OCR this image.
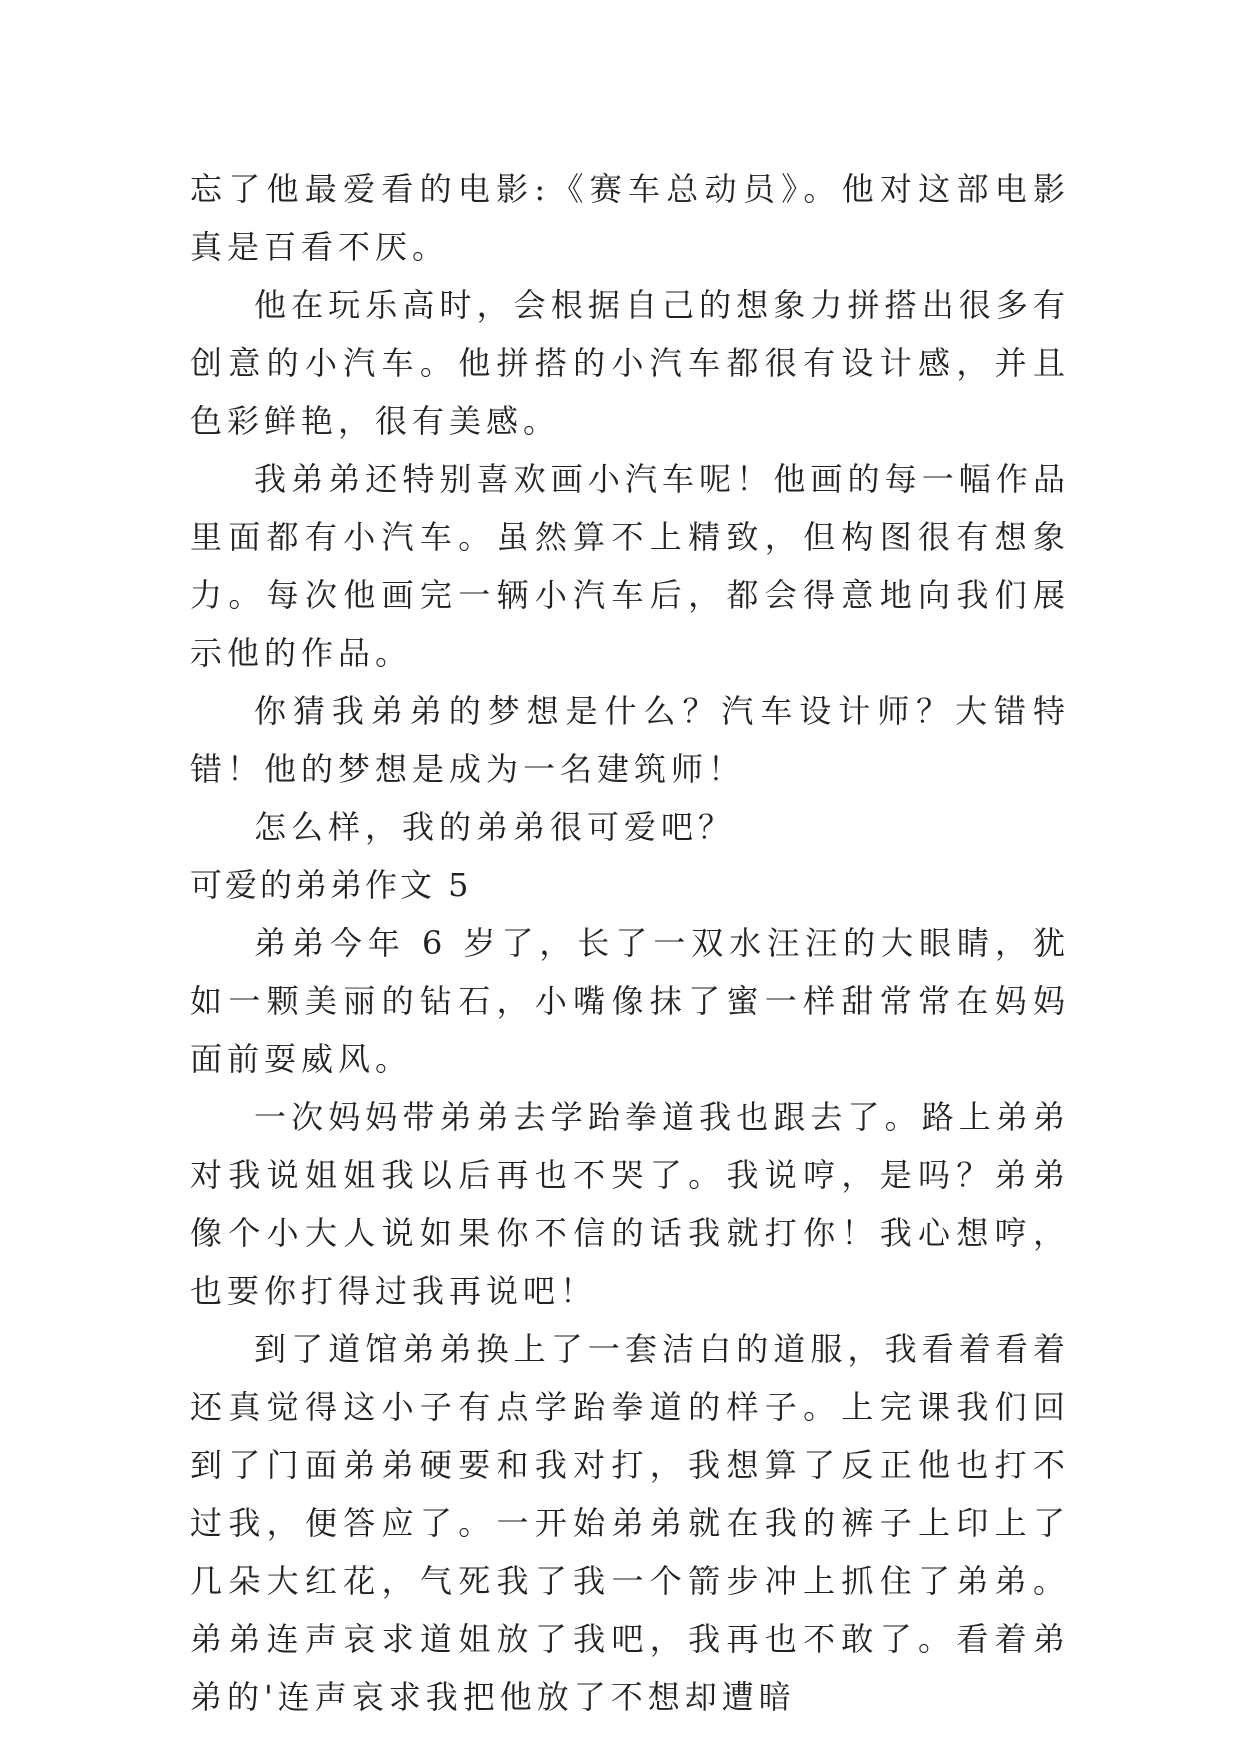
忘了他最爱看的电影:《赛车总动员》。他对这部电影真是百看不厌。

他在玩乐高时，会根据自己的想象力拼搭出很多有创意的小汽车。他拼搭的小汽车都很有设计感，并且色彩鲜艳，很有美感。

我弟弟还特别喜欢画小汽车呢！他画的每一幅作品里面都有小汽车。虽然算不上精致，但构图很有想象力。每次他画完一辆小汽车后，都会得意地向我们展示他的作品。

你猜我弟弟的梦想是什么？汽车设计师？大错特错！他的梦想是成为一名建筑师！

怎么样，我的弟弟很可爱吧？

可爱的弟弟作文 5

弟弟今年 6 岁了，长了一双水汪汪的大眼睛，犹如一颗美丽的钻石，小嘴像抹了蜜一样甜常常在妈妈面前耍威风。

一次妈妈带弟弟去学跆拳道我也跟去了。路上弟弟对我说姐姐我以后再也不哭了。我说哼，是吗？弟弟像个小大人说如果你不信的话我就打你！我心想哼，也要你打得过我再说吧！

到了道馆弟弟换上了一套洁白的道服，我看着看着还真觉得这小子有点学跆拳道的样子。上完课我们回到了门面弟弟硬要和我对打，我想算了反正他也打不过我，便答应了。一开始弟弟就在我的裤子上印上了几朵大红花，气死我了我一个箭步冲上抓住了弟弟。弟弟连声哀求道姐放了我吧，我再也不敢了。看着弟弟的'连声哀求我把他放了不想却遭暗
